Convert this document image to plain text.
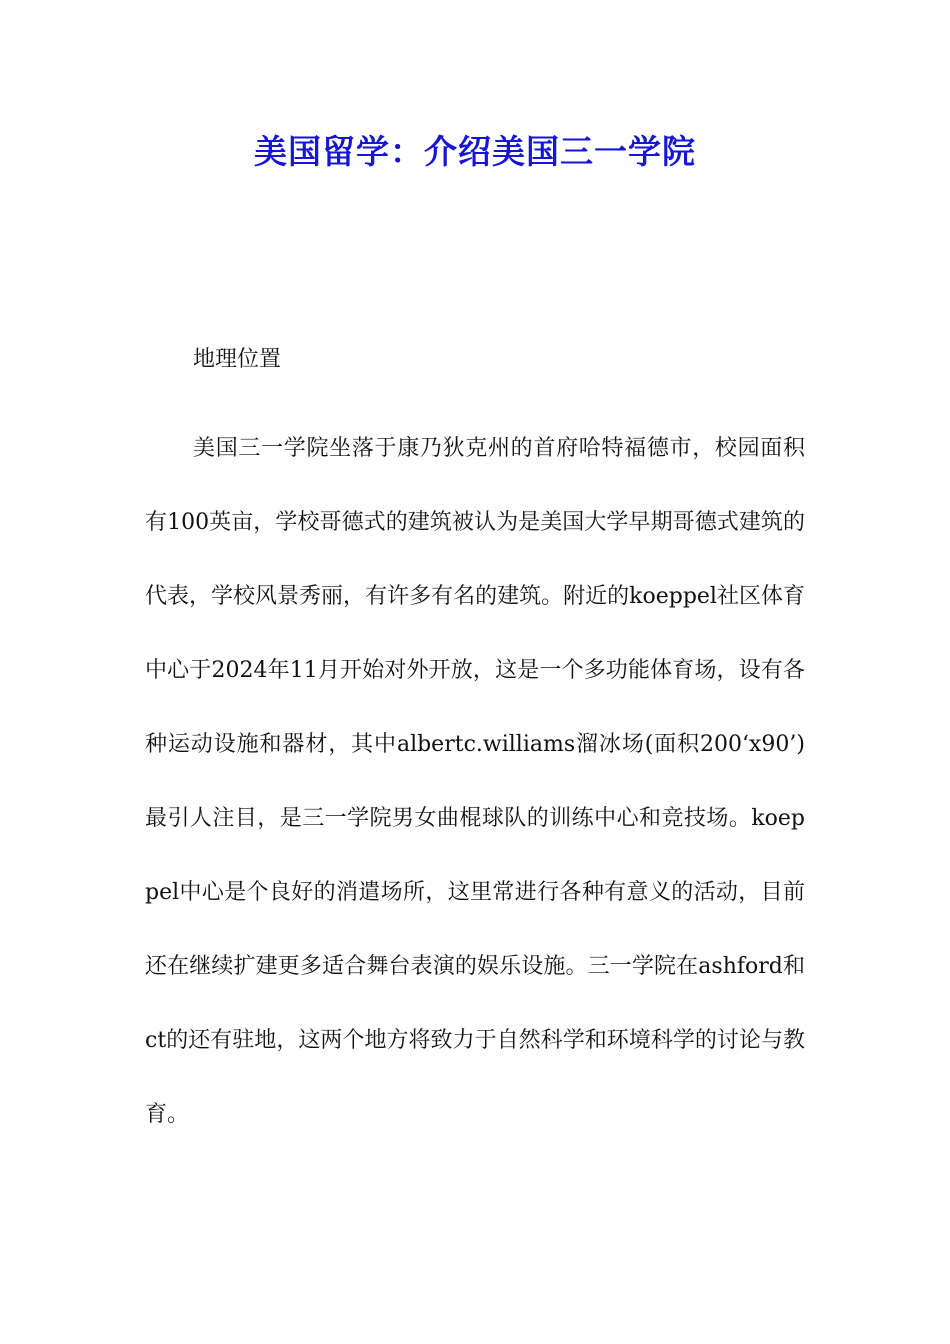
美国留学：介绍美国三一学院

地理位置

美国三一学院坐落于康乃狄克州的首府哈特福德市，校园面积有100英亩，学校哥德式的建筑被认为是美国大学早期哥德式建筑的代表，学校风景秀丽，有许多有名的建筑。附近的koeppel社区体育中心于2024年11月开始对外开放，这是一个多功能体育场，设有各种运动设施和器材，其中albertc.williams溜冰场(面积200‘x90’)最引人注目，是三一学院男女曲棍球队的训练中心和竞技场。koeppel中心是个良好的消遣场所，这里常进行各种有意义的活动，目前还在继续扩建更多适合舞台表演的娱乐设施。三一学院在ashford和ct的还有驻地，这两个地方将致力于自然科学和环境科学的讨论与教育。
